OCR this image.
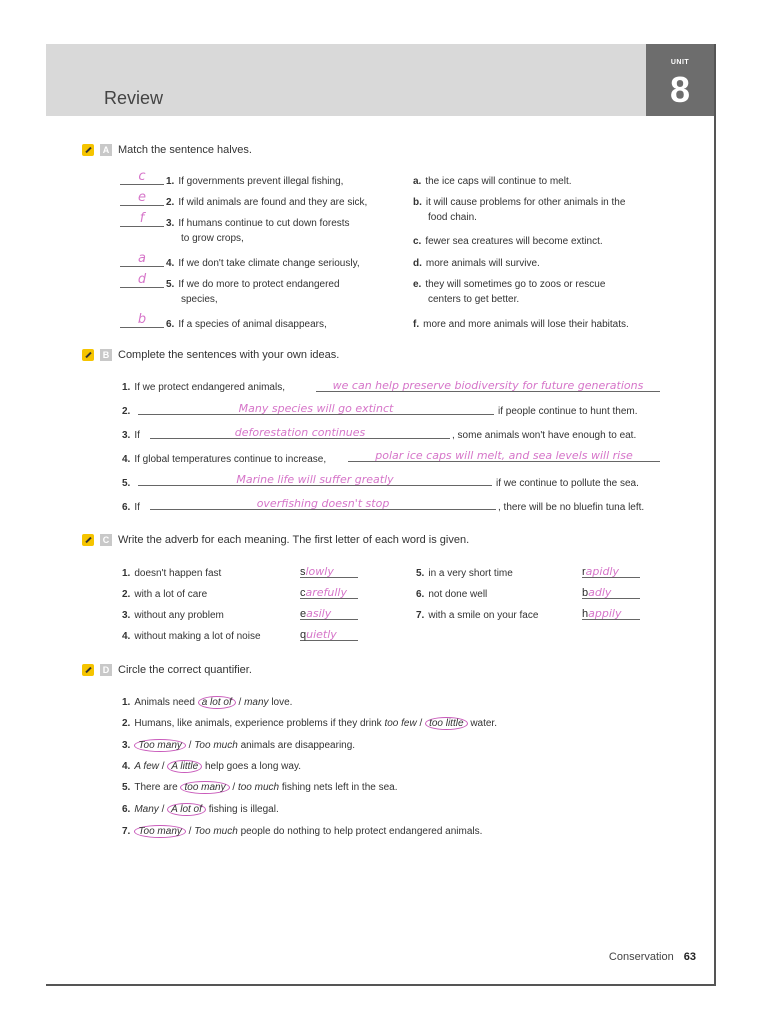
Review
UNIT
8
A Match the sentence halves.
c	1. If governments prevent illegal fishing,
e	2. If wild animals are found and they are sick,
f	3. If humans continue to cut down forests
to grow crops,
a	4. If we don't take climate change seriously,
d	5. If we do more to protect endangered
species,
b	6. If a species of animal disappears,
a. the ice caps will continue to melt.
b. it will cause problems for other animals in the
food chain.
c. fewer sea creatures will become extinct.
d. more animals will survive.
e. they will sometimes go to zoos or rescue
centers to get better.
f. more and more animals will lose their habitats.
B Complete the sentences with your own ideas.
1. If we protect endangered animals,	we can help preserve biodiversity for future generations
2.	Many species will go extinct	if people continue to hunt them.
3. If	deforestation continues	, some animals won't have enough to eat.
4. If global temperatures continue to increase,	polar ice caps will melt, and sea levels will rise
5.	Marine life will suffer greatly	if we continue to pollute the sea.
6. If	overfishing doesn't stop	, there will be no bluefin tuna left.
C Write the adverb for each meaning. The first letter of each word is given.
1. doesn't happen fast	slowly
2. with a lot of care	carefully
3. without any problem	easily
4. without making a lot of noise	quietly
5. in a very short time	rapidly
6. not done well	badly
7. with a smile on your face	happily
D Circle the correct quantifier.
1. Animals need a lot of / many love.
2. Humans, like animals, experience problems if they drink too few / too little water.
3. Too many / Too much animals are disappearing.
4. A few / A little help goes a long way.
5. There are too many / too much fishing nets left in the sea.
6. Many / A lot of fishing is illegal.
7. Too many / Too much people do nothing to help protect endangered animals.
Conservation 63
